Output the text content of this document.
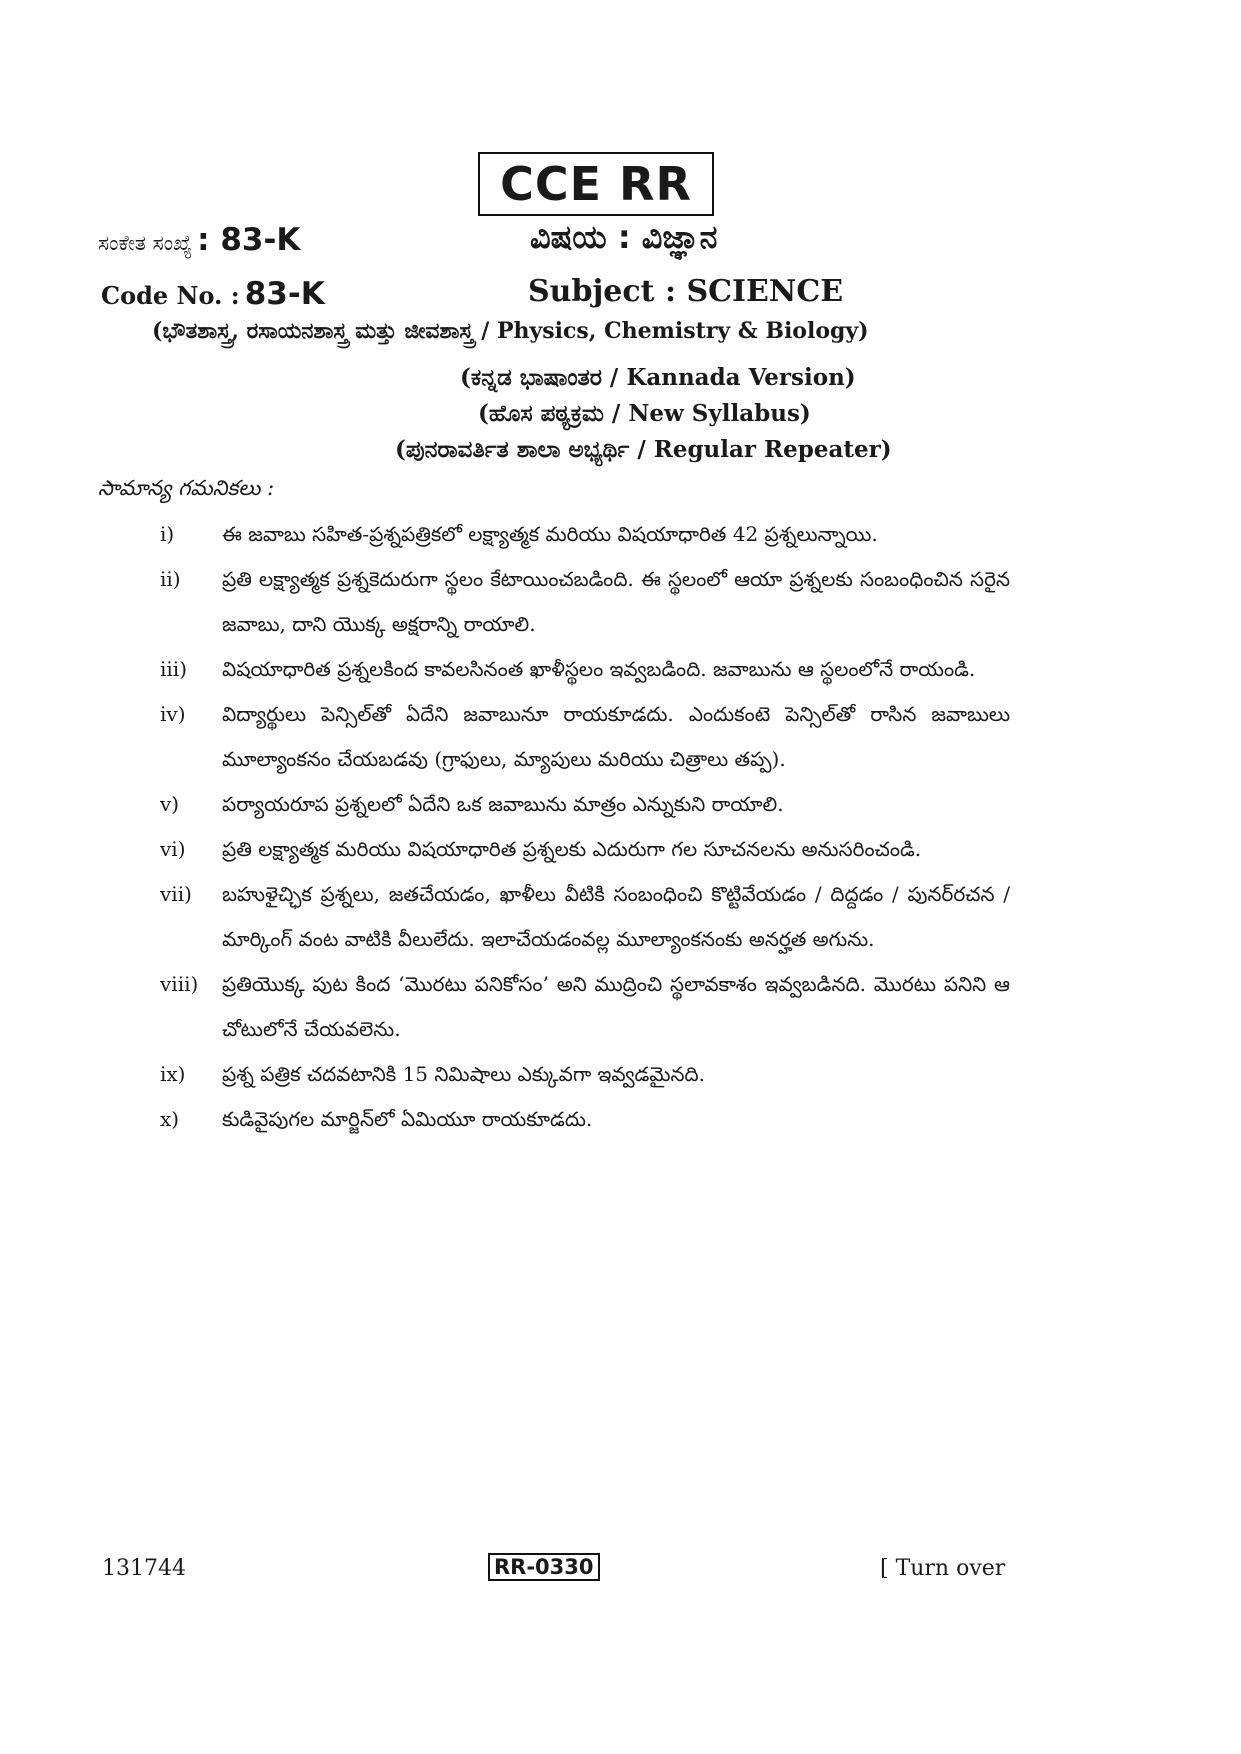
CCE RR
ಸಂಕೇತ ಸಂಖ್ಯೆ : 83-K	ವಿಷಯ : ವಿಜ್ಞಾನ
Code No. : 83-K	Subject : SCIENCE
(ಭೌತಶಾಸ್ತ್ರ, ರಸಾಯನಶಾಸ್ತ್ರ ಮತ್ತು ಜೀವಶಾಸ್ತ್ರ / Physics, Chemistry & Biology)
(ಕನ್ನಡ ಭಾಷಾಂತರ / Kannada Version)
(ಹೊಸ ಪಠ್ಯಕ್ರಮ / New Syllabus)
(ಪುನರಾವರ್ತಿತ ಶಾಲಾ ಅಭ್ಯರ್ಥಿ / Regular Repeater)
సామాన్య గమనికలు :
i)	ఈ జవాబు సహిత-ప్రశ్నపత్రికలో లక్ష్యాత్మక మరియు విషయాధారిత 42 ప్రశ్నలున్నాయి.
ii)	ప్రతి లక్ష్యాత్మక ప్రశ్నకెదురుగా స్థలం కేటాయించబడింది. ఈ స్థలంలో ఆయా ప్రశ్నలకు సంబంధించిన సరైన జవాబు, దాని యొక్క అక్షరాన్ని రాయాలి.
iii)	విషయాధారిత ప్రశ్నలకింద కావలసినంత ఖాళీస్థలం ఇవ్వబడింది. జవాబును ఆ స్థలంలోనే రాయండి.
iv)	విద్యార్థులు పెన్సిల్‌తో ఏదేని జవాబునూ రాయకూడదు. ఎందుకంటె పెన్సిల్‌తో రాసిన జవాబులు మూల్యాంకనం చేయబడవు (గ్రాఫులు, మ్యాపులు మరియు చిత్రాలు తప్ప).
v)	పర్యాయరూప ప్రశ్నలలో ఏదేని ఒక జవాబును మాత్రం ఎన్నుకుని రాయాలి.
vi)	ప్రతి లక్ష్యాత్మక మరియు విషయాధారిత ప్రశ్నలకు ఎదురుగా గల సూచనలను అనుసరించండి.
vii)	బహుళైచ్ఛిక ప్రశ్నలు, జతచేయడం, ఖాళీలు వీటికి సంబంధించి కొట్టివేయడం / దిద్దడం / పునర్‌రచన / మార్కింగ్ వంట వాటికి వీలులేదు. ఇలాచేయడంవల్ల మూల్యాంకనంకు అనర్హత అగును.
viii)	ప్రతియొక్క పుట కింద ‘మొరటు పనికోసం’ అని ముద్రించి స్థలావకాశం ఇవ్వబడినది. మొరటు పనిని ఆ చోటులోనే చేయవలెను.
ix)	ప్రశ్న పత్రిక చదవటానికి 15 నిమిషాలు ఎక్కువగా ఇవ్వడమైనది.
x)	కుడివైపుగల మార్జిన్‌లో ఏమియూ రాయకూడదు.
131744	RR-0330	[ Turn over
